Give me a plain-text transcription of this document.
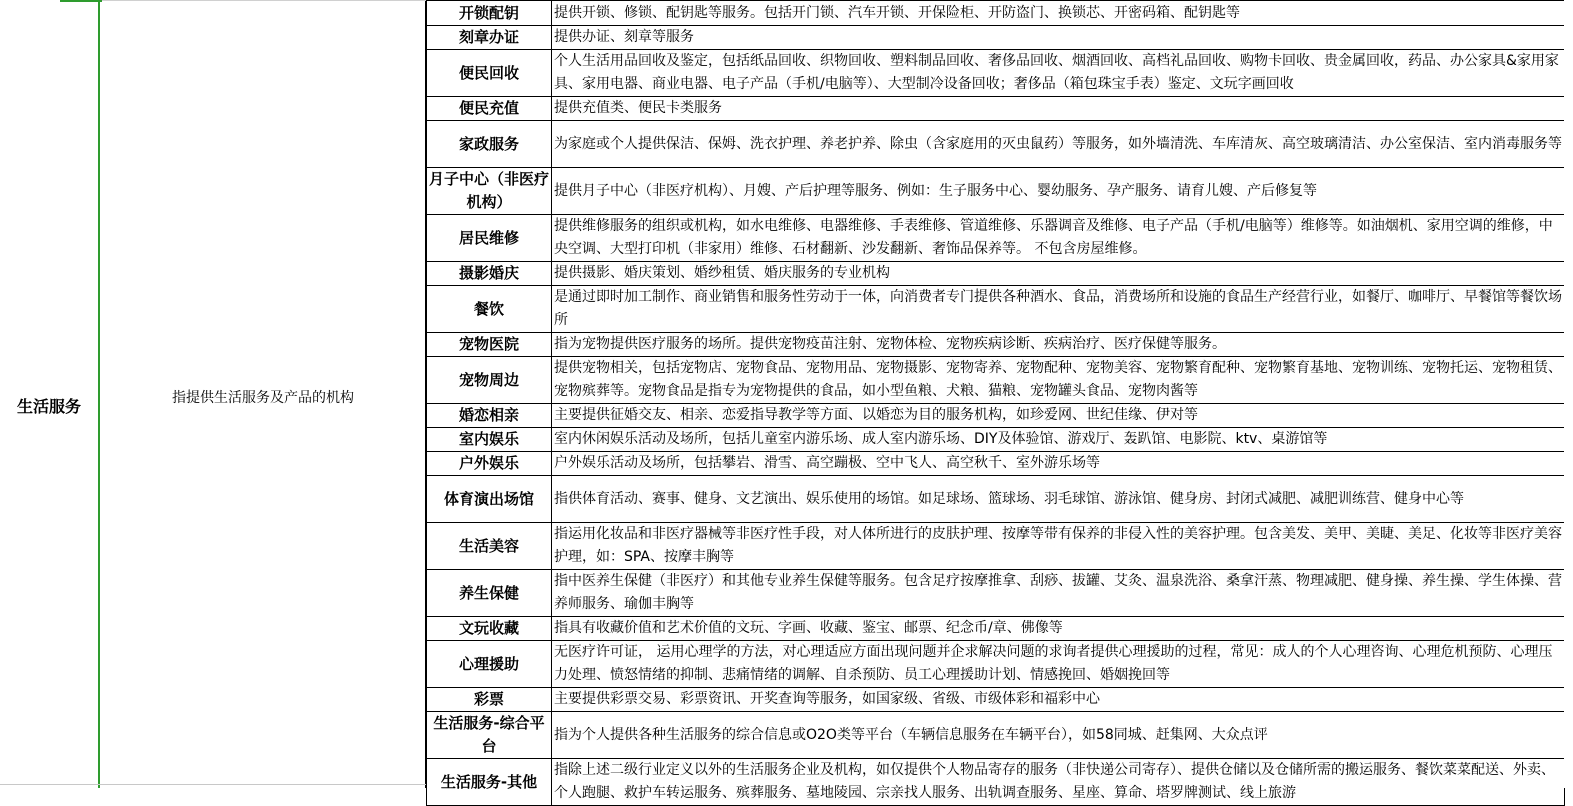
生活服务	指提供生活服务及产品的机构
开锁配钥	提供开锁、修锁、配钥匙等服务。包括开门锁、汽车开锁、开保险柜、开防盗门、换锁芯、开密码箱、配钥匙等
刻章办证	提供办证、刻章等服务
便民回收	个人生活用品回收及鉴定，包括纸品回收、织物回收、塑料制品回收、奢侈品回收、烟酒回收、高档礼品回收、购物卡回收、贵金属回收，药品、办公家具&家用家具、家用电器、商业电器、电子产品（手机/电脑等）、大型制冷设备回收；奢侈品（箱包珠宝手表）鉴定、文玩字画回收
便民充值	提供充值类、便民卡类服务
家政服务	为家庭或个人提供保洁、保姆、洗衣护理、养老护养、除虫（含家庭用的灭虫鼠药）等服务，如外墙清洗、车库清灰、高空玻璃清洁、办公室保洁、室内消毒服务等
月子中心（非医疗机构）	提供月子中心（非医疗机构）、月嫂、产后护理等服务、例如：生子服务中心、婴幼服务、孕产服务、请育儿嫂、产后修复等
居民维修	提供维修服务的组织或机构，如水电维修、电器维修、手表维修、管道维修、乐器调音及维修、电子产品（手机/电脑等）维修等。如油烟机、家用空调的维修，中央空调、大型打印机（非家用）维修、石材翻新、沙发翻新、奢饰品保养等。 不包含房屋维修。
摄影婚庆	提供摄影、婚庆策划、婚纱租赁、婚庆服务的专业机构
餐饮	是通过即时加工制作、商业销售和服务性劳动于一体，向消费者专门提供各种酒水、食品，消费场所和设施的食品生产经营行业，如餐厅、咖啡厅、早餐馆等餐饮场所
宠物医院	指为宠物提供医疗服务的场所。提供宠物疫苗注射、宠物体检、宠物疾病诊断、疾病治疗、医疗保健等服务。
宠物周边	提供宠物相关，包括宠物店、宠物食品、宠物用品、宠物摄影、宠物寄养、宠物配种、宠物美容、宠物繁育配种、宠物繁育基地、宠物训练、宠物托运、宠物租赁、宠物殡葬等。宠物食品是指专为宠物提供的食品，如小型鱼粮、犬粮、猫粮、宠物罐头食品、宠物肉酱等
婚恋相亲	主要提供征婚交友、相亲、恋爱指导教学等方面、以婚恋为目的服务机构，如珍爱网、世纪佳缘、伊对等
室内娱乐	室内休闲娱乐活动及场所，包括儿童室内游乐场、成人室内游乐场、DIY及体验馆、游戏厅、轰趴馆、电影院、ktv、桌游馆等
户外娱乐	户外娱乐活动及场所，包括攀岩、滑雪、高空蹦极、空中飞人、高空秋千、室外游乐场等
体育演出场馆	指供体育活动、赛事、健身、文艺演出、娱乐使用的场馆。如足球场、篮球场、羽毛球馆、游泳馆、健身房、封闭式减肥、减肥训练营、健身中心等
生活美容	指运用化妆品和非医疗器械等非医疗性手段，对人体所进行的皮肤护理、按摩等带有保养的非侵入性的美容护理。包含美发、美甲、美睫、美足、化妆等非医疗美容护理，如：SPA、按摩丰胸等
养生保健	指中医养生保健（非医疗）和其他专业养生保健等服务。包含足疗按摩推拿、刮痧、拔罐、艾灸、温泉洗浴、桑拿汗蒸、物理减肥、健身操、养生操、学生体操、营养师服务、瑜伽丰胸等
文玩收藏	指具有收藏价值和艺术价值的文玩、字画、收藏、鉴宝、邮票、纪念币/章、佛像等
心理援助	无医疗许可证， 运用心理学的方法，对心理适应方面出现问题并企求解决问题的求询者提供心理援助的过程，常见：成人的个人心理咨询、心理危机预防、心理压力处理、愤怒情绪的抑制、悲痛情绪的调解、自杀预防、员工心理援助计划、情感挽回、婚姻挽回等
彩票	主要提供彩票交易、彩票资讯、开奖查询等服务，如国家级、省级、市级体彩和福彩中心
生活服务-综合平台	指为个人提供各种生活服务的综合信息或O2O类等平台（车辆信息服务在车辆平台），如58同城、赶集网、大众点评
生活服务-其他	指除上述二级行业定义以外的生活服务企业及机构，如仅提供个人物品寄存的服务（非快递公司寄存）、提供仓储以及仓储所需的搬运服务、餐饮菜菜配送、外卖、个人跑腿、救护车转运服务、殡葬服务、墓地陵园、宗亲找人服务、出轨调查服务、星座、算命、塔罗牌测试、线上旅游
